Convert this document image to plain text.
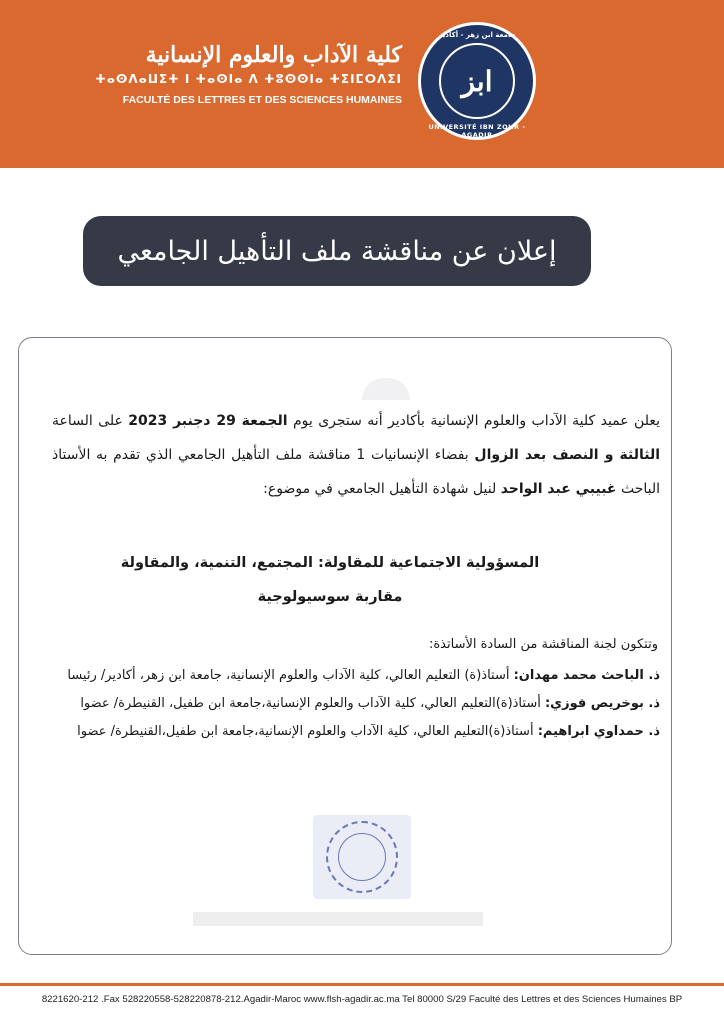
جامعة ابن زهر - أكادير
ابز
UNIVERSITÉ IBN ZOHR - AGADIR
كلية الآداب والعلوم الإنسانية
ⵜⴰⵙⴷⴰⵡⵉⵜ ⵏ ⵜⴰⵙⵏⴰ ⴷ ⵜⵓⵙⵙⵏⴰ ⵜⵉⵏⵎⵔⴷⵉⵏ
FACULTÉ DES LETTRES ET DES SCIENCES HUMAINES
إعلان عن مناقشة ملف التأهيل الجامعي
يعلن عميد كلية الآداب والعلوم الإنسانية بأكادير أنه ستجرى يوم الجمعة 29 دجنبر 2023 على الساعة الثالثة و النصف بعد الزوال بفضاء الإنسانيات 1 مناقشة ملف التأهيل الجامعي الذي تقدم به الأستاذ الباحث غبيبي عبد الواحد لنيل شهادة التأهيل الجامعي في موضوع:
المسؤولية الاجتماعية للمقاولة: المجتمع، التنمية، والمقاولة
مقاربة سوسيولوجية
وتتكون لجنة المناقشة من السادة الأساتذة:
ذ. الباحث محمد مهدان: أستاذ(ة) التعليم العالي، كلية الآداب والعلوم الإنسانية، جامعة ابن زهر، أكادير/ رئيسا
ذ. بوخريص فوزي: أستاذ(ة)التعليم العالي، كلية الآداب والعلوم الإنسانية،جامعة ابن طفيل، القنيطرة/ عضوا
ذ. حمداوي ابراهيم: أستاذ(ة)التعليم العالي، كلية الآداب والعلوم الإنسانية،جامعة ابن طفيل،القنيطرة/ عضوا
8221620-212 .Fax 528220558-528220878-212.Agadir-Maroc www.flsh-agadir.ac.ma Tel 80000 S/29 Faculté des Lettres et des Sciences Humaines BP
